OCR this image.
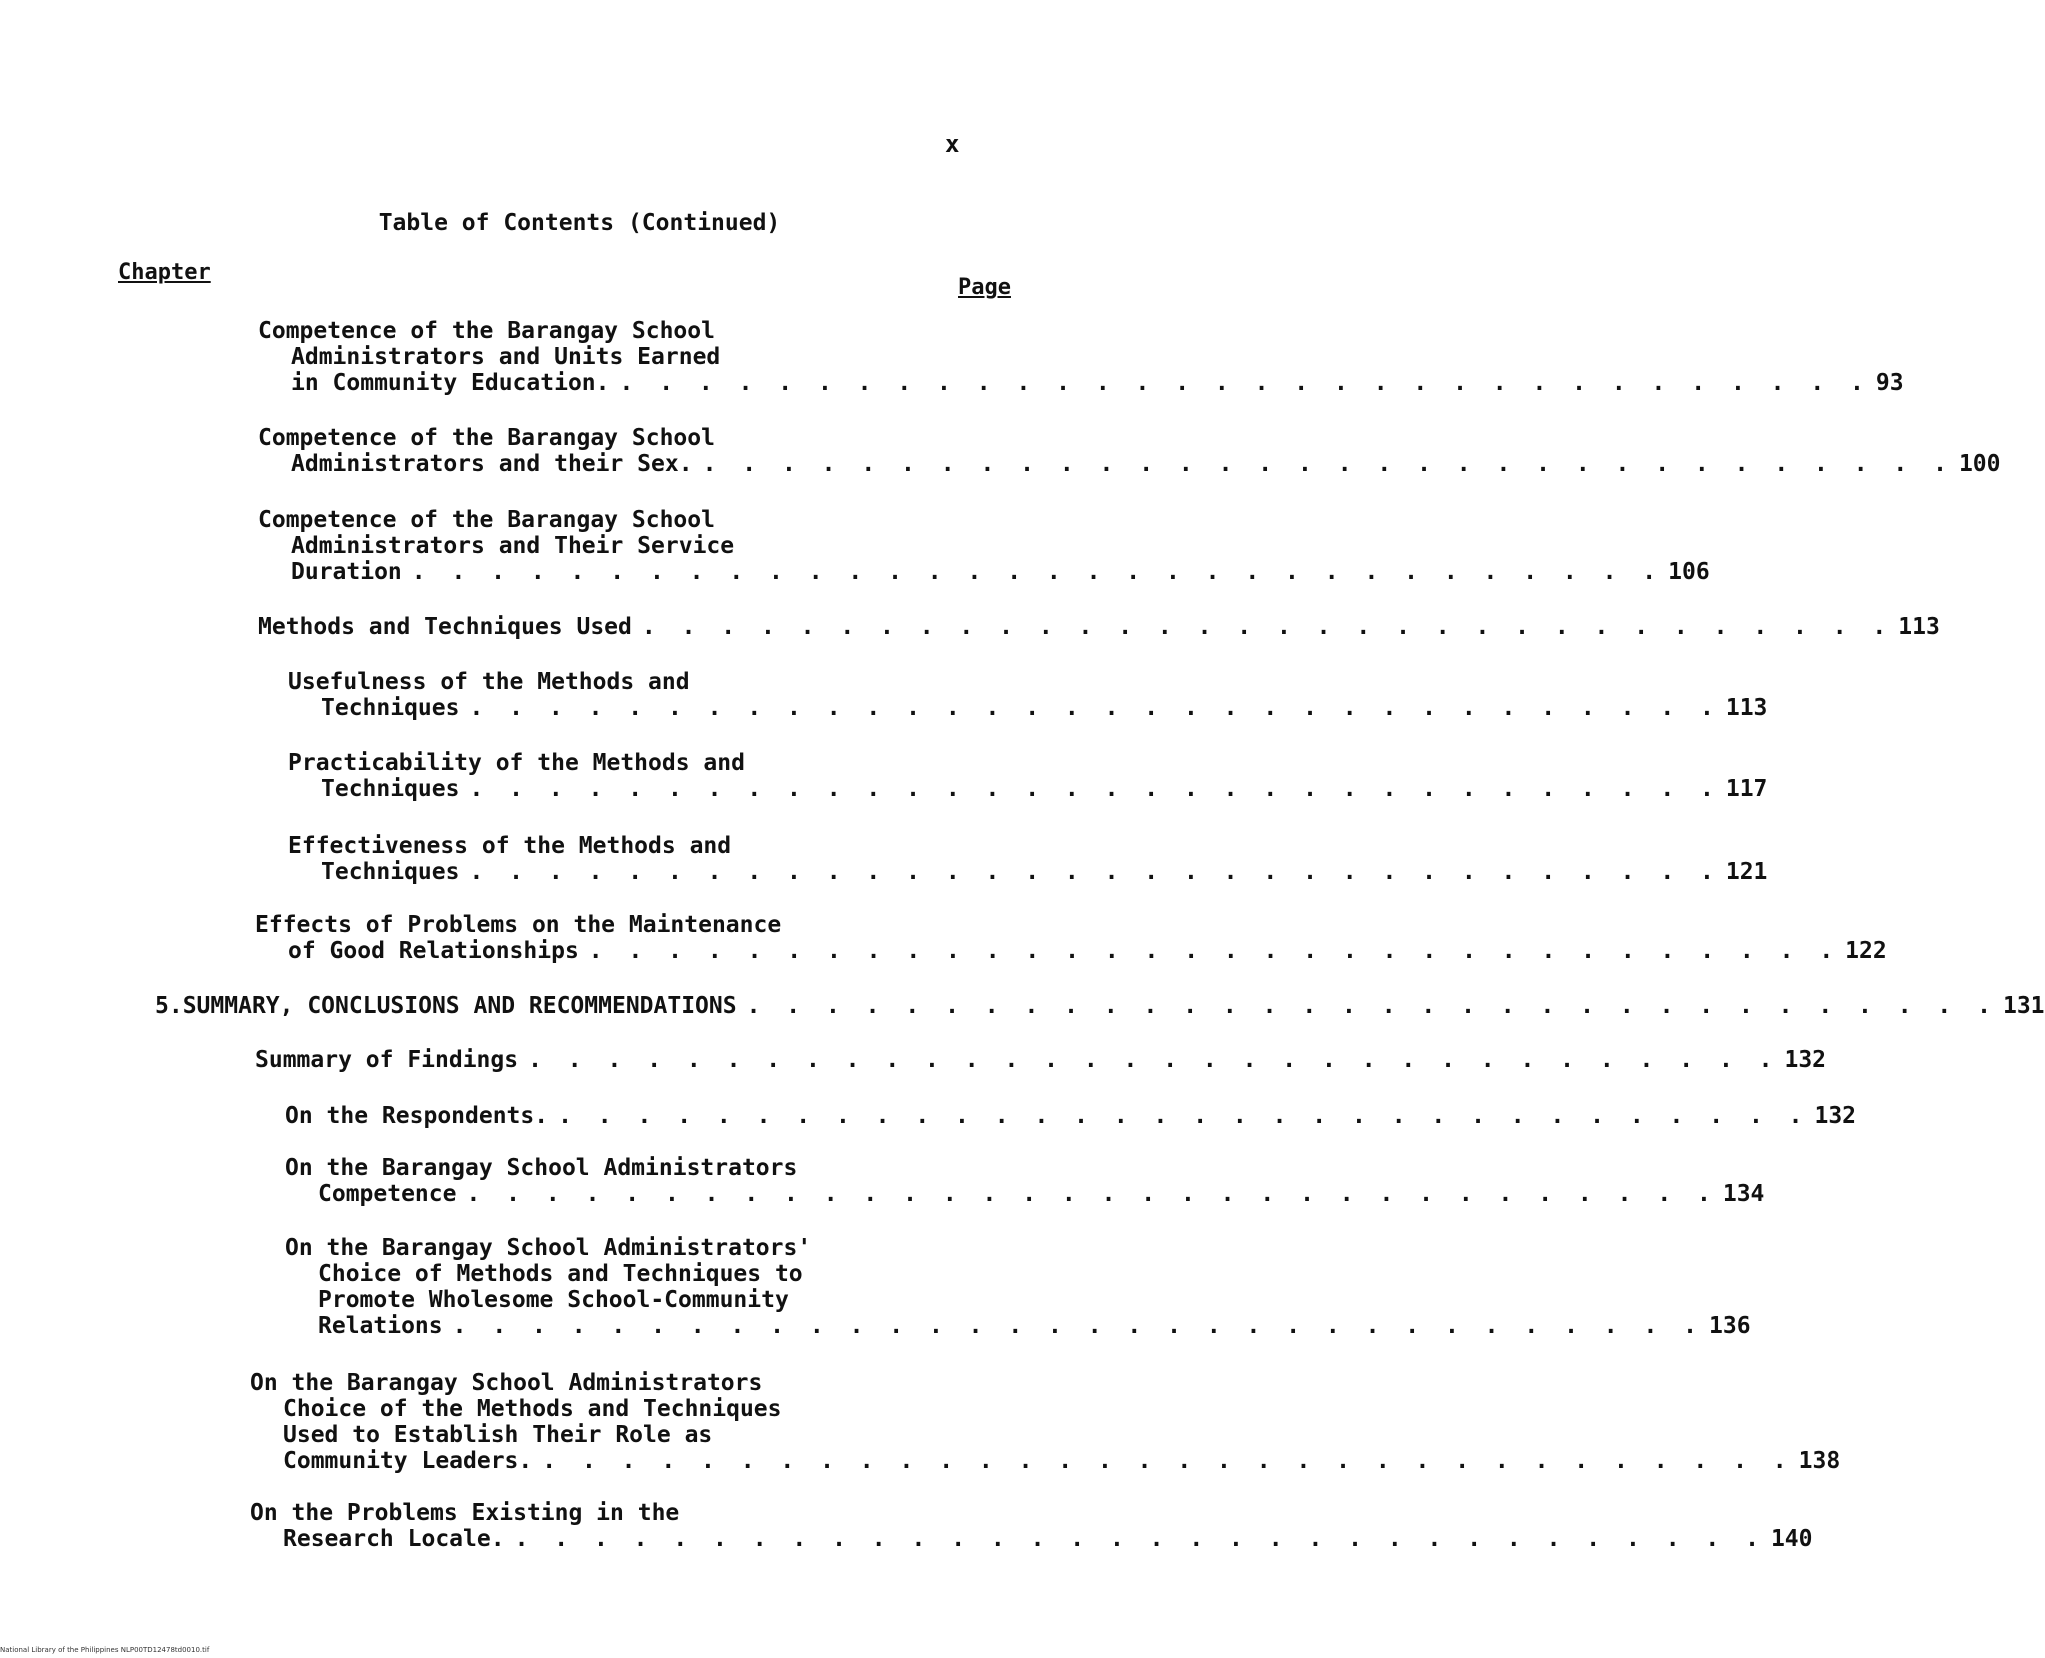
x
Table of Contents (Continued)
Chapter
Page
Competence of the Barangay School
Administrators and Units Earned
in Community Education. . . . . . . . . . . . . . . . . . . . . . . . . . . . . . . . . 93
Competence of the Barangay School
Administrators and their Sex. . . . . . . . . . . . . . . . . . . . . . . . . . . . . . . . . 100
Competence of the Barangay School
Administrators and Their Service
Duration . . . . . . . . . . . . . . . . . . . . . . . . . . . . . . . . 106
Methods and Techniques Used . . . . . . . . . . . . . . . . . . . . . . . . . . . . . . . . 113
Usefulness of the Methods and
Techniques . . . . . . . . . . . . . . . . . . . . . . . . . . . . . . . . 113
Practicability of the Methods and
Techniques . . . . . . . . . . . . . . . . . . . . . . . . . . . . . . . . 117
Effectiveness of the Methods and
Techniques . . . . . . . . . . . . . . . . . . . . . . . . . . . . . . . . 121
Effects of Problems on the Maintenance
of Good Relationships . . . . . . . . . . . . . . . . . . . . . . . . . . . . . . . . 122
5. SUMMARY, CONCLUSIONS AND RECOMMENDATIONS . . . . . . . . . . . . . . . . . . . . . . . . . . . . . . . . 131
Summary of Findings . . . . . . . . . . . . . . . . . . . . . . . . . . . . . . . . 132
On the Respondents. . . . . . . . . . . . . . . . . . . . . . . . . . . . . . . . . 132
On the Barangay School Administrators
Competence . . . . . . . . . . . . . . . . . . . . . . . . . . . . . . . . 134
On the Barangay School Administrators'
Choice of Methods and Techniques to
Promote Wholesome School-Community
Relations . . . . . . . . . . . . . . . . . . . . . . . . . . . . . . . . 136
On the Barangay School Administrators
Choice of the Methods and Techniques
Used to Establish Their Role as
Community Leaders. . . . . . . . . . . . . . . . . . . . . . . . . . . . . . . . . 138
On the Problems Existing in the
Research Locale. . . . . . . . . . . . . . . . . . . . . . . . . . . . . . . . . 140
National Library of the Philippines NLP00TD12478td0010.tif
